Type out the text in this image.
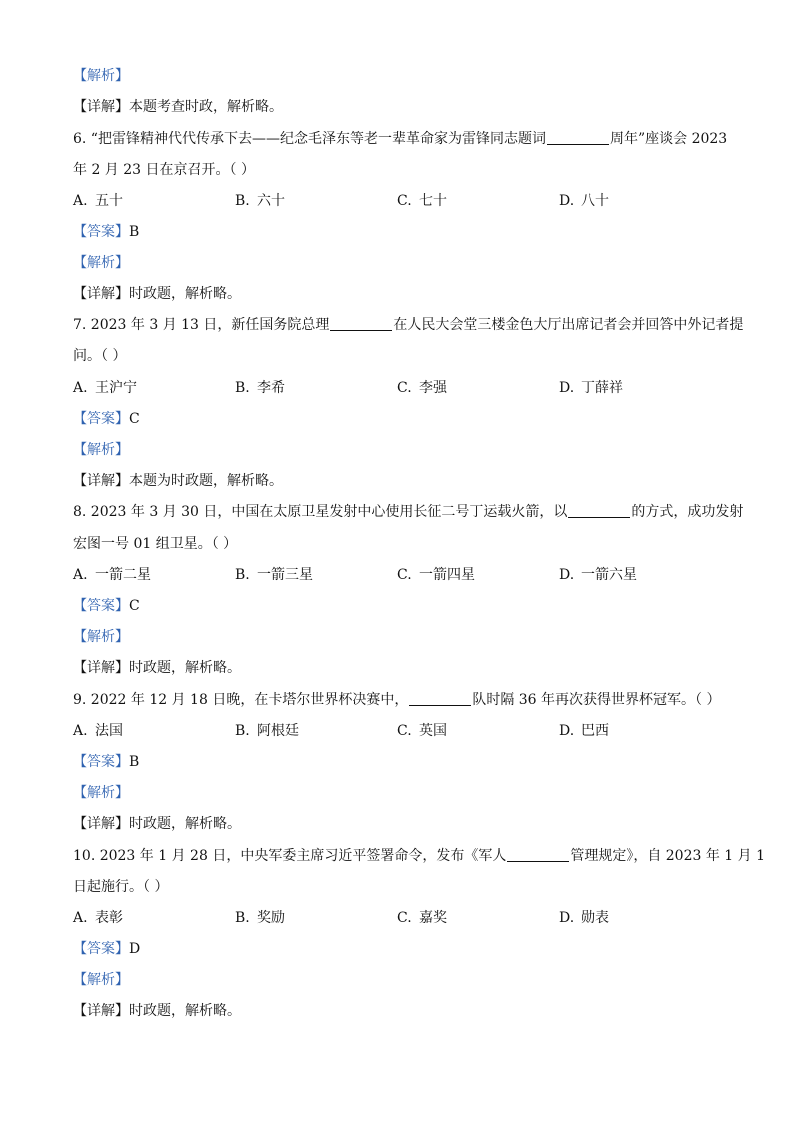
【解析】
【详解】本题考查时政，解析略。
6. “把雷锋精神代代传承下去——纪念毛泽东等老一辈革命家为雷锋同志题词	周年”座谈会 2023
年 2 月 23 日在京召开。（ ）
A. 五十	B. 六十	C. 七十	D. 八十
【答案】B
【解析】
【详解】时政题，解析略。
7. 2023 年 3 月 13 日，新任国务院总理	在人民大会堂三楼金色大厅出席记者会并回答中外记者提
问。（ ）
A. 王沪宁	B. 李希	C. 李强	D. 丁薛祥
【答案】C
【解析】
【详解】本题为时政题，解析略。
8. 2023 年 3 月 30 日，中国在太原卫星发射中心使用长征二号丁运载火箭，以	的方式，成功发射
宏图一号 01 组卫星。（ ）
A. 一箭二星	B. 一箭三星	C. 一箭四星	D. 一箭六星
【答案】C
【解析】
【详解】时政题，解析略。
9. 2022 年 12 月 18 日晚，在卡塔尔世界杯决赛中，	队时隔 36 年再次获得世界杯冠军。（ ）
A. 法国	B. 阿根廷	C. 英国	D. 巴西
【答案】B
【解析】
【详解】时政题，解析略。
10. 2023 年 1 月 28 日，中央军委主席习近平签署命令，发布《军人	管理规定》，自 2023 年 1 月 1
日起施行。（ ）
A. 表彰	B. 奖励	C. 嘉奖	D. 勋表
【答案】D
【解析】
【详解】时政题，解析略。
